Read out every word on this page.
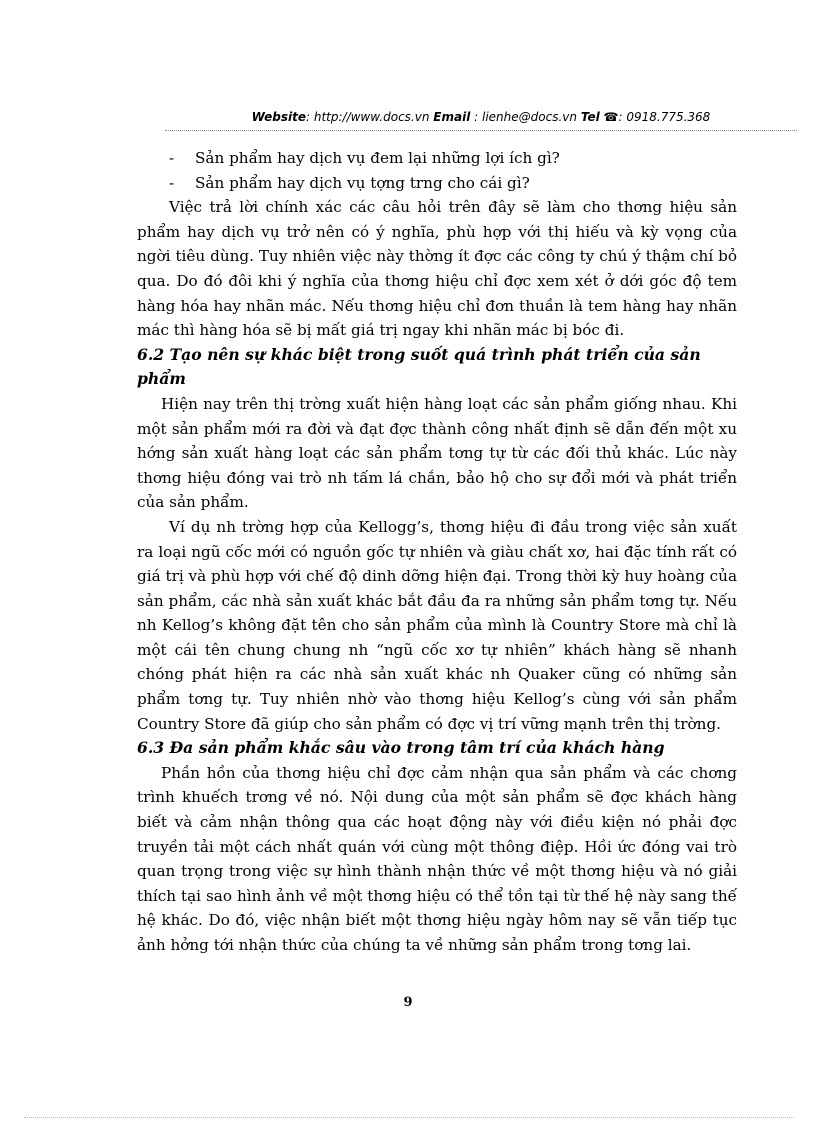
Website: http://www.docs.vn Email : lienhe@docs.vn Tel ☎: 0918.775.368

- Sản phẩm hay dịch vụ đem lại những lợi ích gì?

- Sản phẩm hay dịch vụ tợng trng cho cái gì?

Việc trả lời chính xác các câu hỏi trên đây sẽ làm cho thơng hiệu sản phẩm hay dịch vụ trở nên có ý nghĩa, phù hợp với thị hiếu và kỳ vọng của ngời tiêu dùng. Tuy nhiên việc này thờng ít đợc các công ty chú ý thậm chí bỏ qua. Do đó đôi khi ý nghĩa của thơng hiệu chỉ đợc xem xét ở dới góc độ tem hàng hóa hay nhãn mác. Nếu thơng hiệu chỉ đơn thuần là tem hàng hay nhãn mác thì hàng hóa sẽ bị mất giá trị ngay khi nhãn mác bị bóc đi.

6.2 Tạo nên sự khác biệt trong suốt quá trình phát triển của sản phẩm

Hiện nay trên thị trờng xuất hiện hàng loạt các sản phẩm giống nhau. Khi một sản phẩm mới ra đời và đạt đợc thành công nhất định sẽ dẫn đến một xu hớng sản xuất hàng loạt các sản phẩm tơng tự từ các đối thủ khác. Lúc này thơng hiệu đóng vai trò nh tấm lá chắn, bảo hộ cho sự đổi mới và phát triển của sản phẩm.

Ví dụ nh trờng hợp của Kellogg’s, thơng hiệu đi đầu trong việc sản xuất ra loại ngũ cốc mới có nguồn gốc tự nhiên và giàu chất xơ, hai đặc tính rất có giá trị và phù hợp với chế độ dinh dỡng hiện đại. Trong thời kỳ huy hoàng của sản phẩm, các nhà sản xuất khác bắt đầu đa ra những sản phẩm tơng tự. Nếu nh Kellog’s không đặt tên cho sản phẩm của mình là Country Store mà chỉ là một cái tên chung chung nh “ngũ cốc xơ tự nhiên” khách hàng sẽ nhanh chóng phát hiện ra các nhà sản xuất khác nh Quaker cũng có những sản phẩm tơng tự. Tuy nhiên nhờ vào thơng hiệu Kellog’s cùng với sản phẩm Country Store đã giúp cho sản phẩm có đợc vị trí vững mạnh trên thị trờng.

6.3 Đa sản phẩm khắc sâu vào trong tâm trí của khách hàng

Phần hồn của thơng hiệu chỉ đợc cảm nhận qua sản phẩm và các chơng trình khuếch trơng về nó. Nội dung của một sản phẩm sẽ đợc khách hàng biết và cảm nhận thông qua các hoạt động này với điều kiện nó phải đợc truyền tải một cách nhất quán với cùng một thông điệp. Hồi ức đóng vai trò quan trọng trong việc sự hình thành nhận thức về một thơng hiệu và nó giải thích tại sao hình ảnh về một thơng hiệu có thể tồn tại từ thế hệ này sang thế hệ khác. Do đó, việc nhận biết một thơng hiệu ngày hôm nay sẽ vẫn tiếp tục ảnh hởng tới nhận thức của chúng ta về những sản phẩm trong tơng lai.

9
